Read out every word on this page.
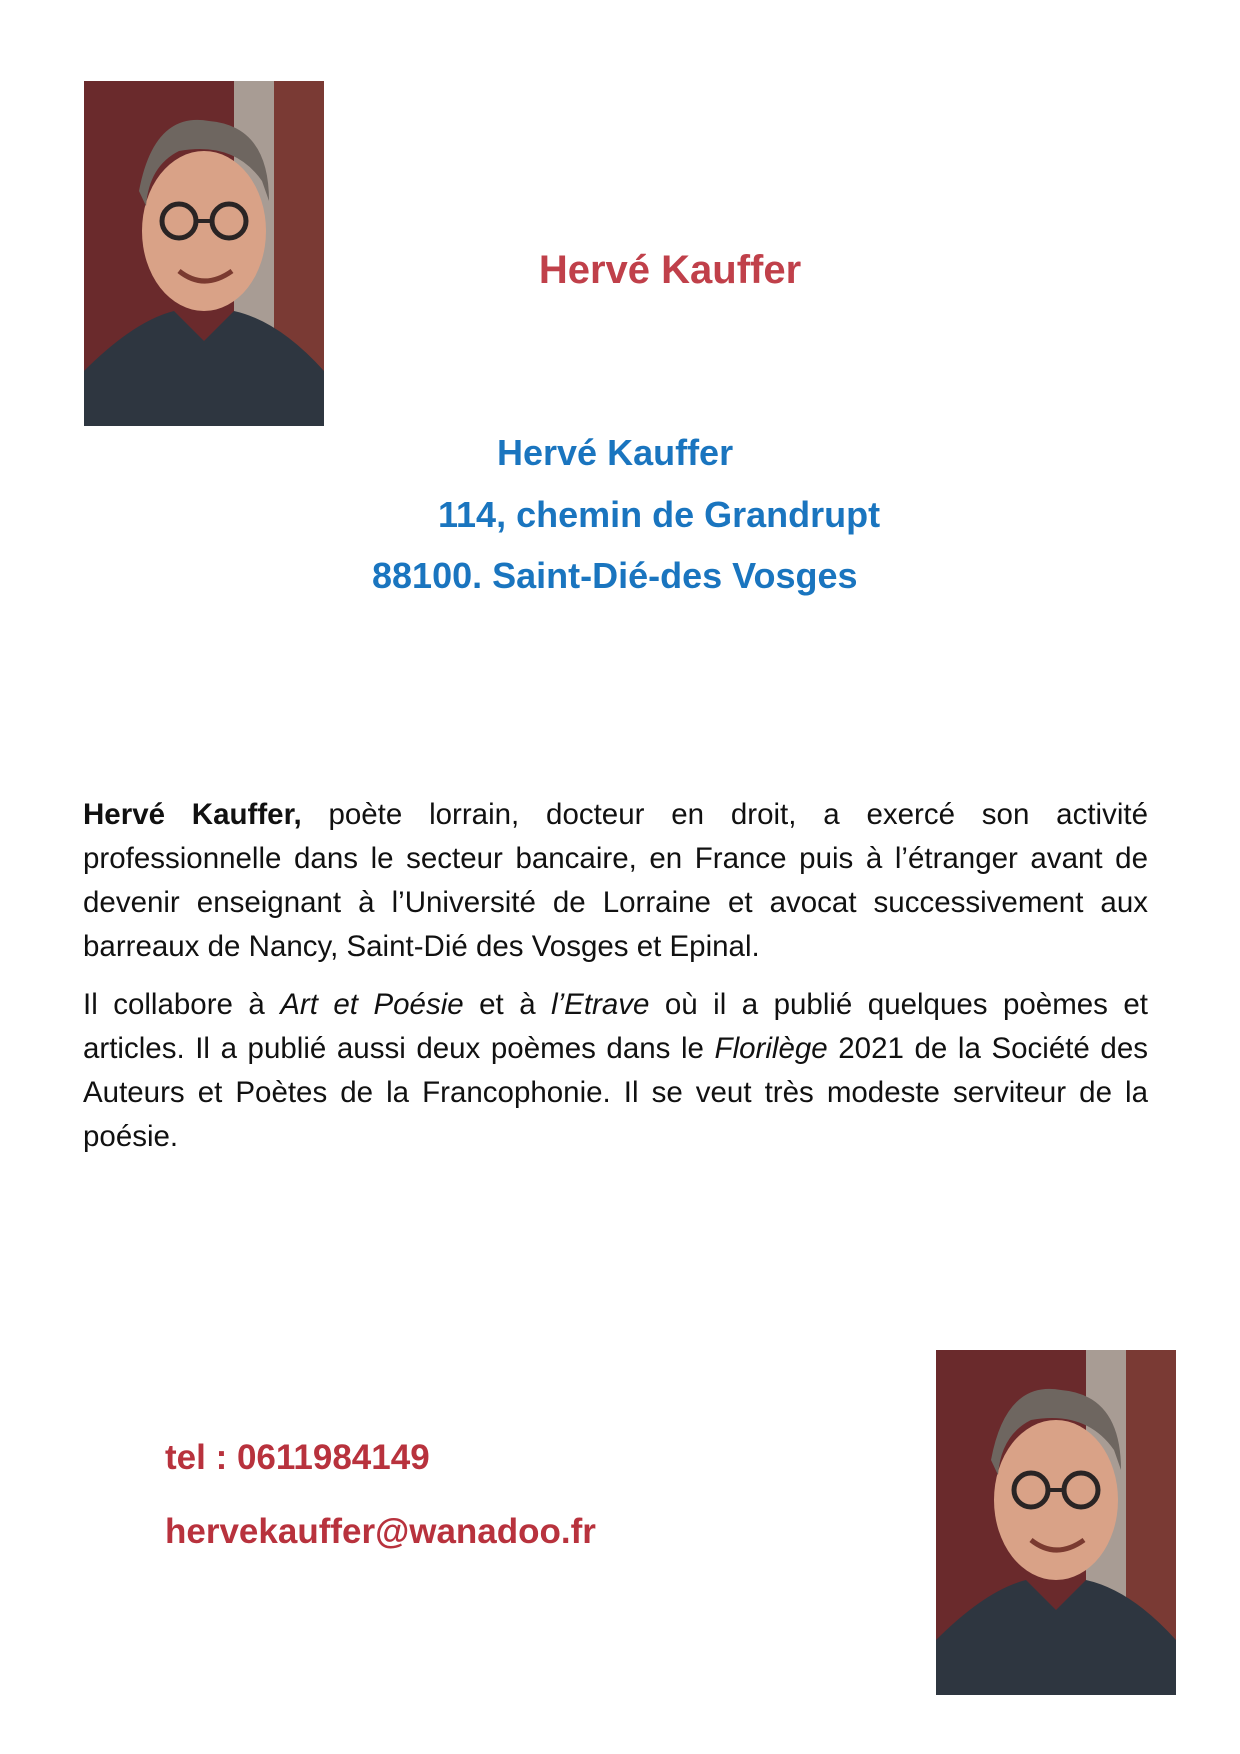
Hervé Kauffer
Hervé Kauffer
114, chemin de Grandrupt
88100. Saint-Dié-des Vosges

Hervé Kauffer, poète lorrain, docteur en droit, a exercé son activité professionnelle dans le secteur bancaire, en France puis à l’étranger avant de devenir enseignant à l’Université de Lorraine et avocat successivement aux barreaux de Nancy, Saint-Dié des Vosges et Epinal.

Il collabore à Art et Poésie et à l’Etrave où il a publié quelques poèmes et articles. Il a publié aussi deux poèmes dans le Florilège 2021 de la Société des Auteurs et Poètes de la Francophonie. Il se veut très modeste serviteur de la poésie.

tel : 0611984149
hervekauffer@wanadoo.fr
